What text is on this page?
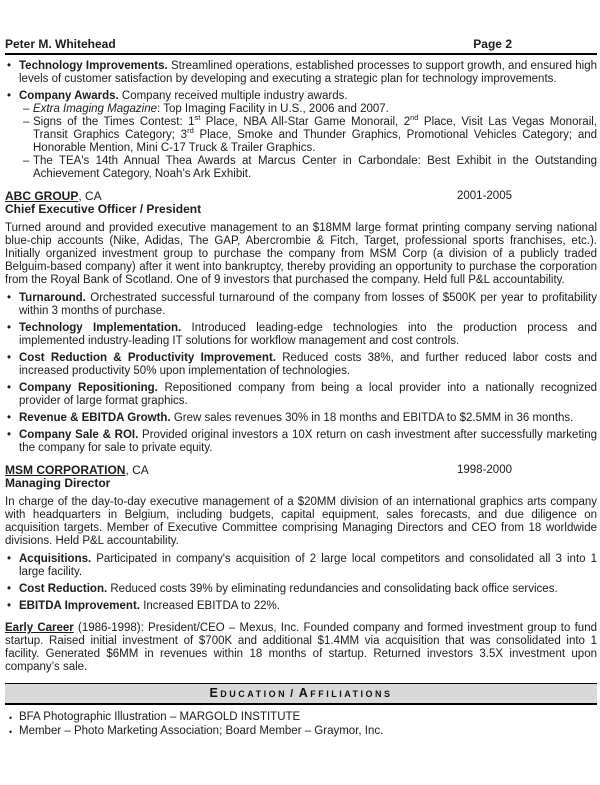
Peter M. Whitehead	Page 2
• Technology Improvements. Streamlined operations, established processes to support growth, and ensured high levels of customer satisfaction by developing and executing a strategic plan for technology improvements.
• Company Awards. Company received multiple industry awards.
– Extra Imaging Magazine: Top Imaging Facility in U.S., 2006 and 2007.
– Signs of the Times Contest: 1st Place, NBA All-Star Game Monorail, 2nd Place, Visit Las Vegas Monorail, Transit Graphics Category; 3rd Place, Smoke and Thunder Graphics, Promotional Vehicles Category; and Honorable Mention, Mini C-17 Truck & Trailer Graphics.
– The TEA's 14th Annual Thea Awards at Marcus Center in Carbondale: Best Exhibit in the Outstanding Achievement Category, Noah’s Ark Exhibit.
ABC GROUP, CA	2001-2005
Chief Executive Officer / President

Turned around and provided executive management to an $18MM large format printing company serving national blue-chip accounts (Nike, Adidas, The GAP, Abercrombie & Fitch, Target, professional sports franchises, etc.). Initially organized investment group to purchase the company from MSM Corp (a division of a publicly traded Belguim-based company) after it went into bankruptcy, thereby providing an opportunity to purchase the corporation from the Royal Bank of Scotland. One of 9 investors that purchased the company. Held full P&L accountability.

• Turnaround. Orchestrated successful turnaround of the company from losses of $500K per year to profitability within 3 months of purchase.
• Technology Implementation. Introduced leading-edge technologies into the production process and implemented industry-leading IT solutions for workflow management and cost controls.
• Cost Reduction & Productivity Improvement. Reduced costs 38%, and further reduced labor costs and increased productivity 50% upon implementation of technologies.
• Company Repositioning. Repositioned company from being a local provider into a nationally recognized provider of large format graphics.
• Revenue & EBITDA Growth. Grew sales revenues 30% in 18 months and EBITDA to $2.5MM in 36 months.
• Company Sale & ROI. Provided original investors a 10X return on cash investment after successfully marketing the company for sale to private equity.
MSM CORPORATION, CA	1998-2000
Managing Director

In charge of the day-to-day executive management of a $20MM division of an international graphics arts company with headquarters in Belgium, including budgets, capital equipment, sales forecasts, and due diligence on acquisition targets. Member of Executive Committee comprising Managing Directors and CEO from 18 worldwide divisions. Held P&L accountability.

• Acquisitions. Participated in company's acquisition of 2 large local competitors and consolidated all 3 into 1 large facility.
• Cost Reduction. Reduced costs 39% by eliminating redundancies and consolidating back office services.
• EBITDA Improvement. Increased EBITDA to 22%.

Early Career (1986-1998): President/CEO – Mexus, Inc. Founded company and formed investment group to fund startup. Raised initial investment of $700K and additional $1.4MM via acquisition that was consolidated into 1 facility. Generated $6MM in revenues within 18 months of startup. Returned investors 3.5X investment upon company’s sale.

EDUCATION / AFFILIATIONS
• BFA Photographic Illustration – MARGOLD INSTITUTE
• Member – Photo Marketing Association; Board Member – Graymor, Inc.
